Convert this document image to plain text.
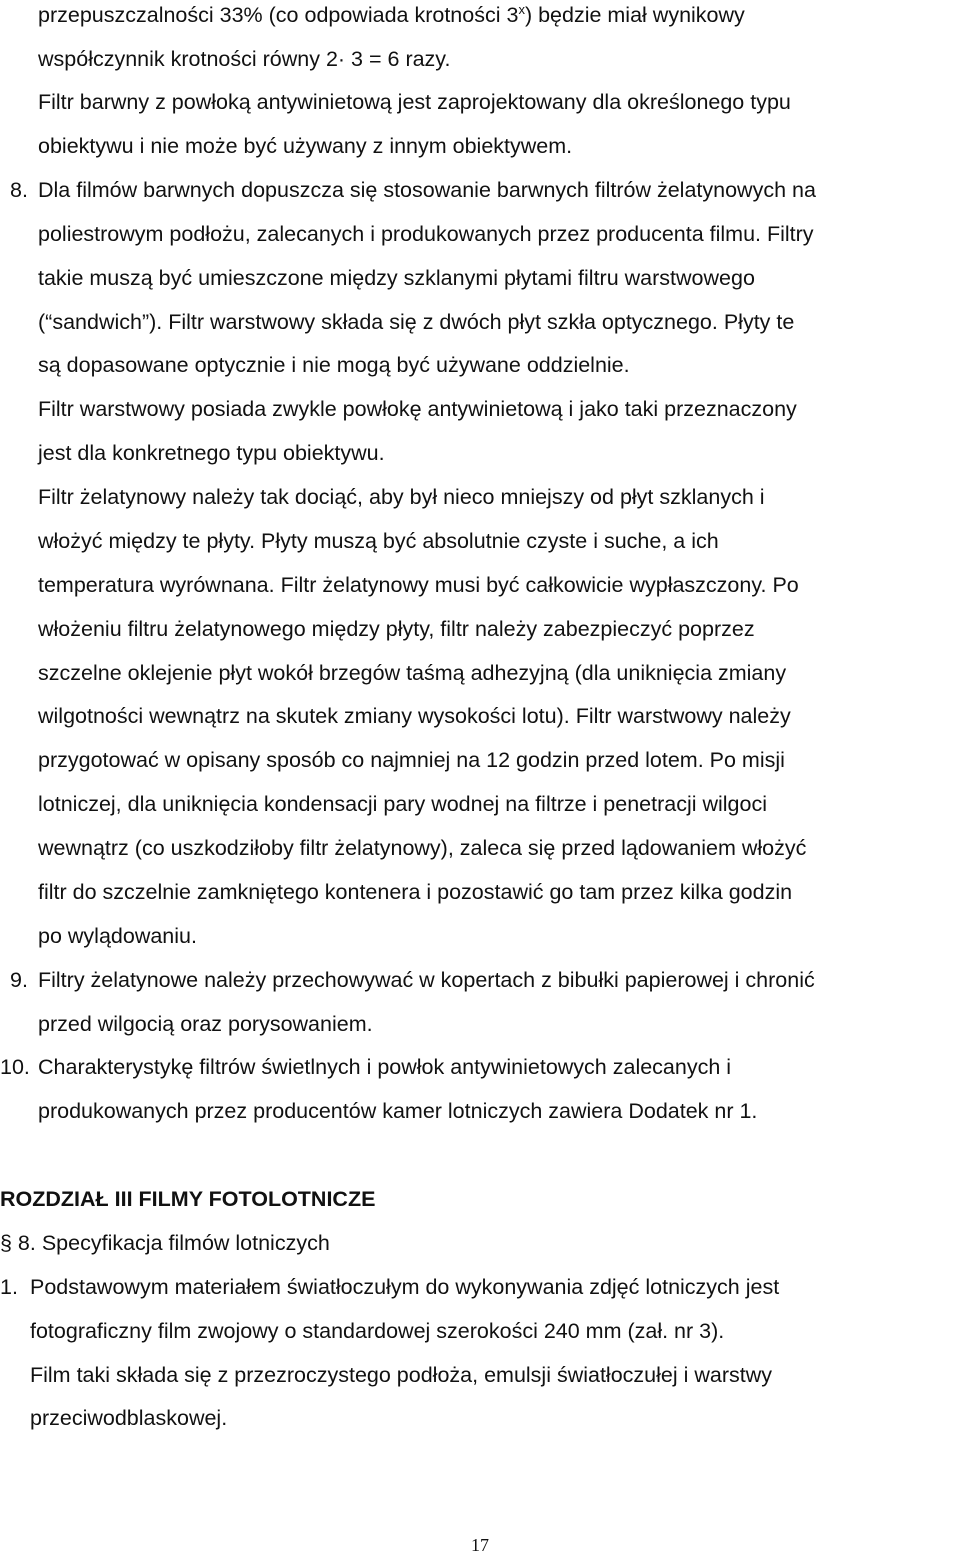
przepuszczalności 33% (co odpowiada krotności 3$^x$) będzie miał wynikowy
współczynnik krotności równy 2· 3 = 6 razy.
Filtr barwny z powłoką antywinietową jest zaprojektowany dla określonego typu
obiektywu i nie może być używany z innym obiektywem.
8. Dla filmów barwnych dopuszcza się stosowanie barwnych filtrów żelatynowych na
poliestrowym podłożu, zalecanych i produkowanych przez producenta filmu. Filtry
takie muszą być umieszczone między szklanymi płytami filtru warstwowego
(“sandwich”). Filtr warstwowy składa się z dwóch płyt szkła optycznego. Płyty te
są dopasowane optycznie i nie mogą być używane oddzielnie.
Filtr warstwowy posiada zwykle powłokę antywinietową i jako taki przeznaczony
jest dla konkretnego typu obiektywu.
Filtr żelatynowy należy tak dociąć, aby był nieco mniejszy od płyt szklanych i
włożyć między te płyty. Płyty muszą być absolutnie czyste i suche, a ich
temperatura wyrównana. Filtr żelatynowy musi być całkowicie wypłaszczony. Po
włożeniu filtru żelatynowego między płyty, filtr należy zabezpieczyć poprzez
szczelne oklejenie płyt wokół brzegów taśmą adhezyjną (dla uniknięcia zmiany
wilgotności wewnątrz na skutek zmiany wysokości lotu). Filtr warstwowy należy
przygotować w opisany sposób co najmniej na 12 godzin przed lotem. Po misji
lotniczej, dla uniknięcia kondensacji pary wodnej na filtrze i penetracji wilgoci
wewnątrz (co uszkodziłoby filtr żelatynowy), zaleca się przed lądowaniem włożyć
filtr do szczelnie zamkniętego kontenera i pozostawić go tam przez kilka godzin
po wylądowaniu.
9. Filtry żelatynowe należy przechowywać w kopertach z bibułki papierowej i chronić
przed wilgocią oraz porysowaniem.
10. Charakterystykę filtrów świetlnych i powłok antywinietowych zalecanych i
produkowanych przez producentów kamer lotniczych zawiera Dodatek nr 1.
ROZDZIAŁ III FILMY FOTOLOTNICZE
§ 8. Specyfikacja filmów lotniczych
1. Podstawowym materiałem światłoczułym do wykonywania zdjęć lotniczych jest
fotograficzny film zwojowy o standardowej szerokości 240 mm (zał. nr 3).
Film taki składa się z przezroczystego podłoża, emulsji światłoczułej i warstwy
przeciwodblaskowej.
17
